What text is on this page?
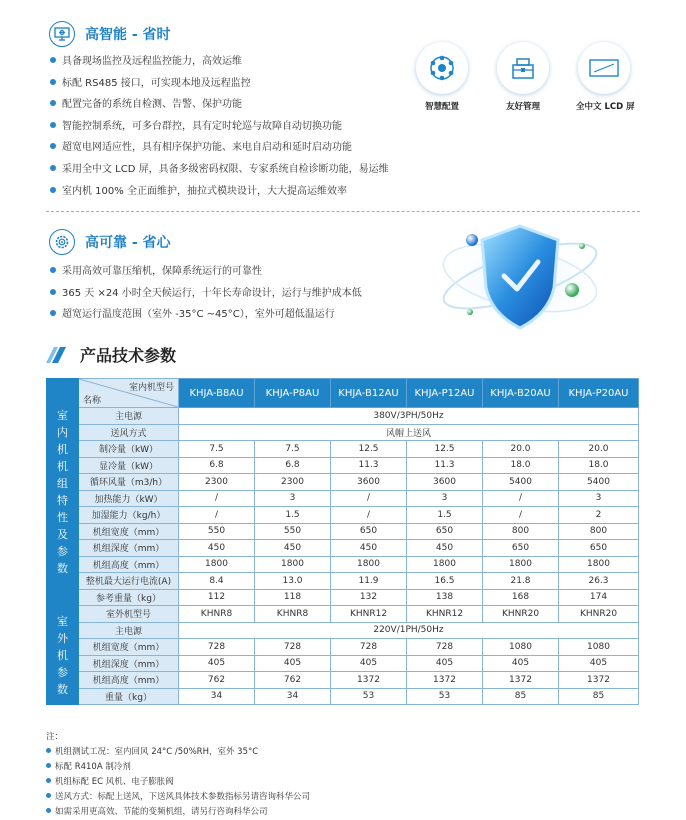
高智能 - 省时
具备现场监控及远程监控能力，高效运维
标配 RS485 接口，可实现本地及远程监控
配置完备的系统自检测、告警、保护功能
智能控制系统，可多台群控，具有定时轮巡与故障自动切换功能
超宽电网适应性，具有相序保护功能、来电自启动和延时启动功能
采用全中文 LCD 屏，具备多级密码权限、专家系统自检诊断功能，易运维
室内机 100% 全正面维护，抽拉式模块设计，大大提高运维效率
智慧配置	友好管理	全中文 LCD 屏
高可靠 - 省心
采用高效可靠压缩机，保障系统运行的可靠性
365 天 ×24 小时全天候运行，十年长寿命设计，运行与维护成本低
超宽运行温度范围（室外 -35°C ~45°C），室外可超低温运行
产品技术参数
室内机机组特性及参数	室内机型号
名称	KHJA-B8AU	KHJA-P8AU	KHJA-B12AU	KHJA-P12AU	KHJA-B20AU	KHJA-P20AU
	主电源	380V/3PH/50Hz					
	送风方式	风帽上送风					
	制冷量（kW）	7.5	7.5	12.5	12.5	20.0	20.0
	显冷量（kW）	6.8	6.8	11.3	11.3	18.0	18.0
	循环风量（m3/h）	2300	2300	3600	3600	5400	5400
	加热能力（kW）	/	3	/	3	/	3
	加湿能力（kg/h）	/	1.5	/	1.5	/	2
	机组宽度（mm）	550	550	650	650	800	800
	机组深度（mm）	450	450	450	450	650	650
	机组高度（mm）	1800	1800	1800	1800	1800	1800
	整机最大运行电流(A)	8.4	13.0	11.9	16.5	21.8	26.3
	参考重量（kg）	112	118	132	138	168	174

室外机参数	室外机型号	KHNR8	KHNR8	KHNR12	KHNR12	KHNR20	KHNR20
	主电源	220V/1PH/50Hz					
	机组宽度（mm）	728	728	728	728	1080	1080
	机组深度（mm）	405	405	405	405	405	405
	机组高度（mm）	762	762	1372	1372	1372	1372
	重量（kg）	34	34	53	53	85	85
注：
机组测试工况：室内回风 24°C /50%RH，室外 35°C
标配 R410A 制冷剂
机组标配 EC 风机、电子膨胀阀
送风方式：标配上送风，下送风具体技术参数指标另请咨询科华公司
如需采用更高效、节能的变频机组，请另行咨询科华公司
